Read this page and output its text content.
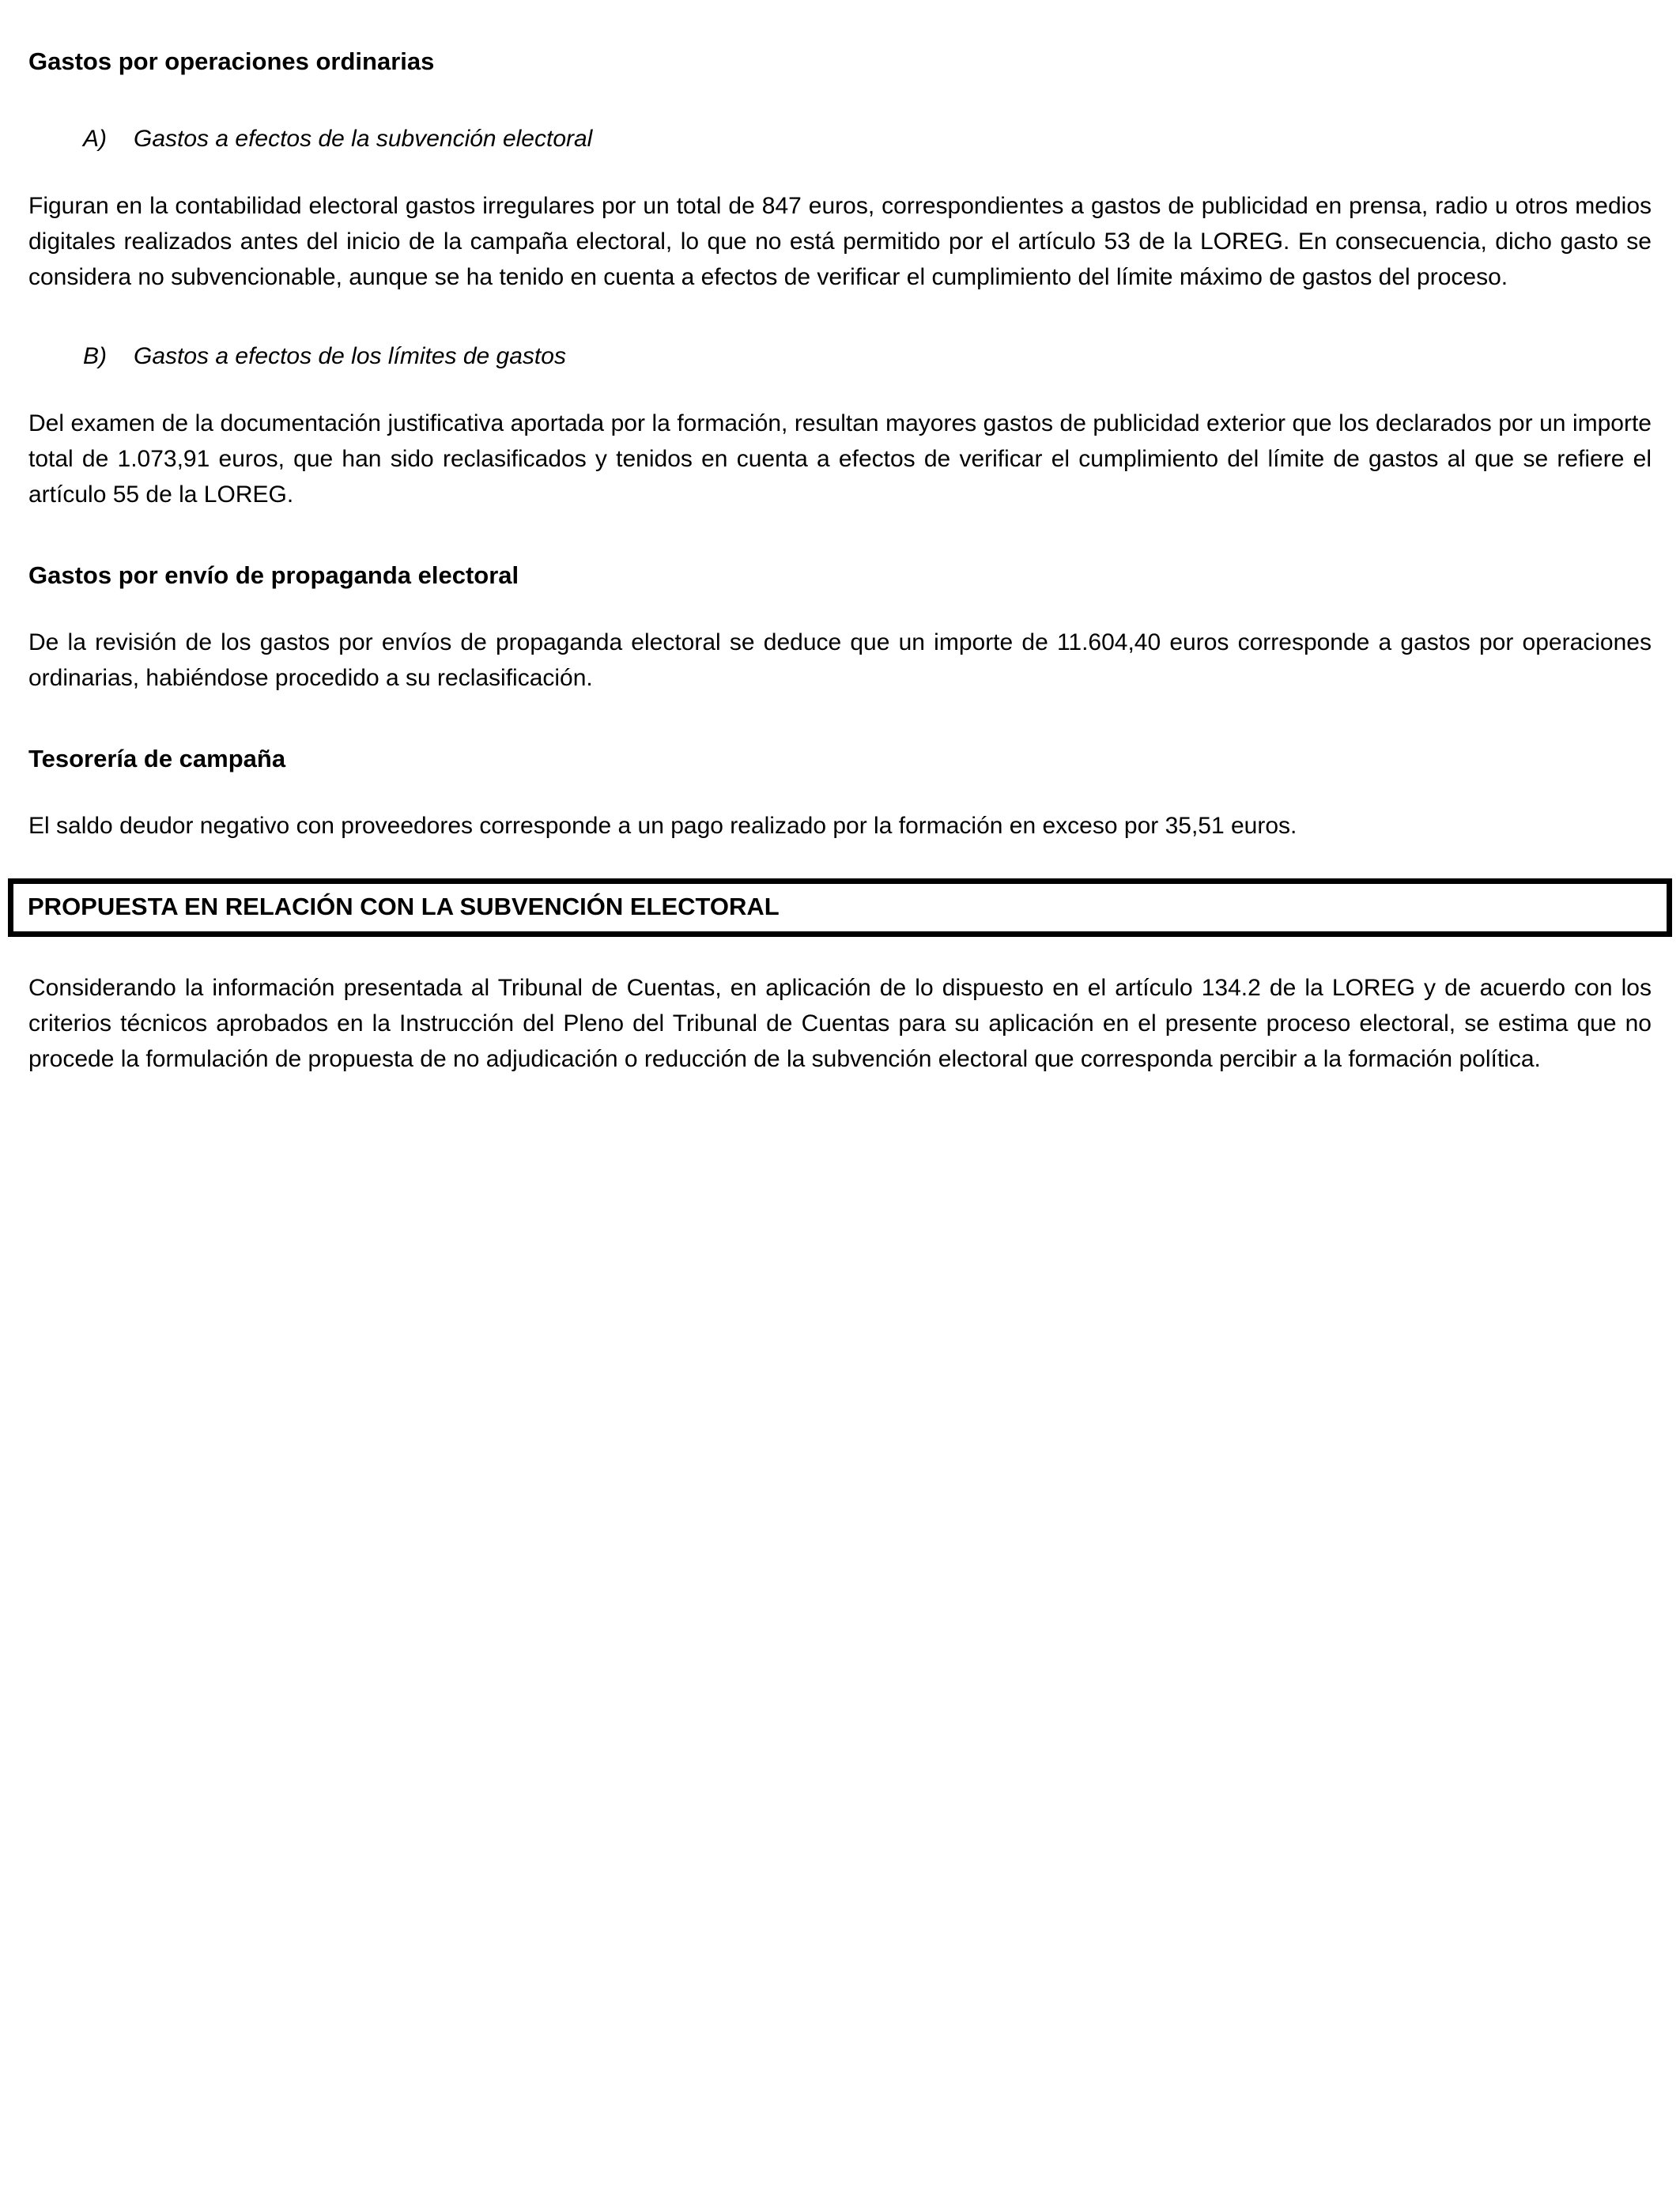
Gastos por operaciones ordinarias
A) Gastos a efectos de la subvención electoral

Figuran en la contabilidad electoral gastos irregulares por un total de 847 euros, correspondientes a gastos de publicidad en prensa, radio u otros medios digitales realizados antes del inicio de la campaña electoral, lo que no está permitido por el artículo 53 de la LOREG. En consecuencia, dicho gasto se considera no subvencionable, aunque se ha tenido en cuenta a efectos de verificar el cumplimiento del límite máximo de gastos del proceso.

B) Gastos a efectos de los límites de gastos

Del examen de la documentación justificativa aportada por la formación, resultan mayores gastos de publicidad exterior que los declarados por un importe total de 1.073,91 euros, que han sido reclasificados y tenidos en cuenta a efectos de verificar el cumplimiento del límite de gastos al que se refiere el artículo 55 de la LOREG.

Gastos por envío de propaganda electoral

De la revisión de los gastos por envíos de propaganda electoral se deduce que un importe de 11.604,40 euros corresponde a gastos por operaciones ordinarias, habiéndose procedido a su reclasificación.

Tesorería de campaña

El saldo deudor negativo con proveedores corresponde a un pago realizado por la formación en exceso por 35,51 euros.

PROPUESTA EN RELACIÓN CON LA SUBVENCIÓN ELECTORAL

Considerando la información presentada al Tribunal de Cuentas, en aplicación de lo dispuesto en el artículo 134.2 de la LOREG y de acuerdo con los criterios técnicos aprobados en la Instrucción del Pleno del Tribunal de Cuentas para su aplicación en el presente proceso electoral, se estima que no procede la formulación de propuesta de no adjudicación o reducción de la subvención electoral que corresponda percibir a la formación política.
